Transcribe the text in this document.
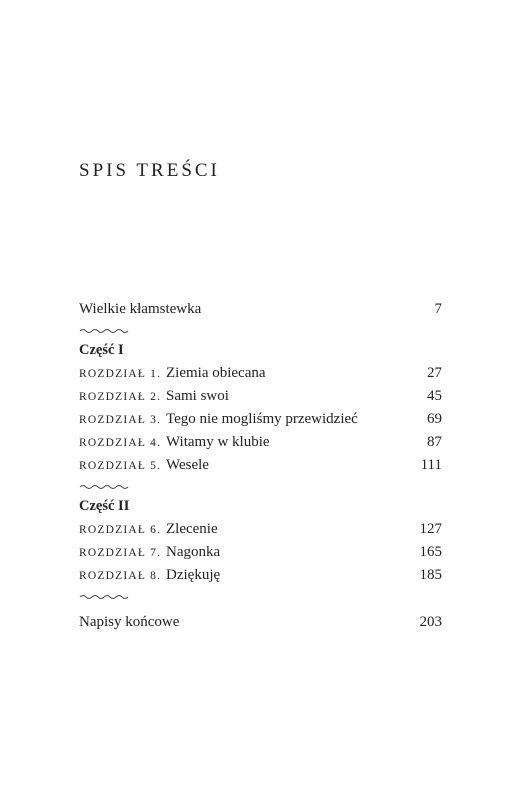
SPIS TREŚCI
Wielkie kłamstewka	7
Część I
ROZDZIAŁ 1. Ziemia obiecana	27
ROZDZIAŁ 2. Sami swoi	45
ROZDZIAŁ 3. Tego nie mogliśmy przewidzieć	69
ROZDZIAŁ 4. Witamy w klubie	87
ROZDZIAŁ 5. Wesele	111
Część II
ROZDZIAŁ 6. Zlecenie	127
ROZDZIAŁ 7. Nagonka	165
ROZDZIAŁ 8. Dziękuję	185
Napisy końcowe	203
